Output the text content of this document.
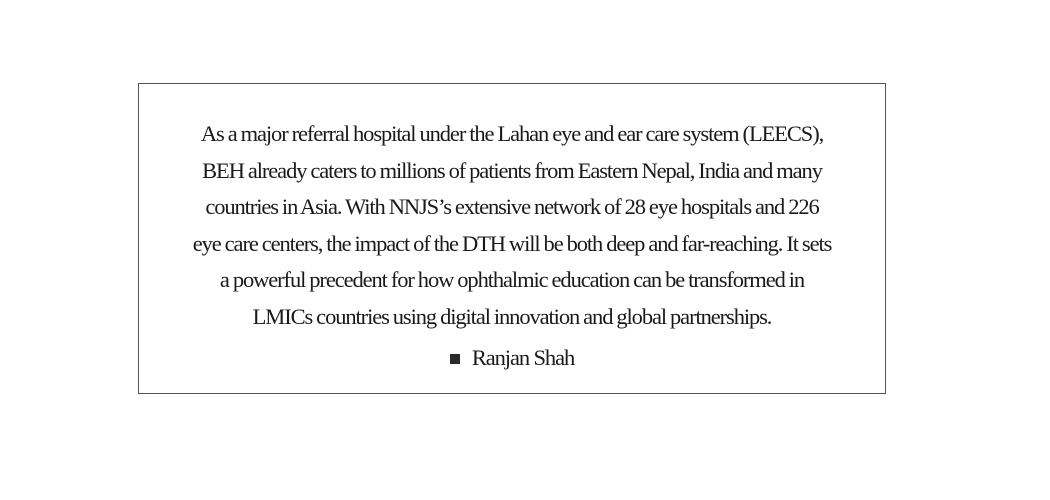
As a major referral hospital under the Lahan eye and ear care system (LEECS),
BEH already caters to millions of patients from Eastern Nepal, India and many
countries in Asia. With NNJS’s extensive network of 28 eye hospitals and 226
eye care centers, the impact of the DTH will be both deep and far-reaching. It sets
a powerful precedent for how ophthalmic education can be transformed in
LMICs countries using digital innovation and global partnerships.

Ranjan Shah
